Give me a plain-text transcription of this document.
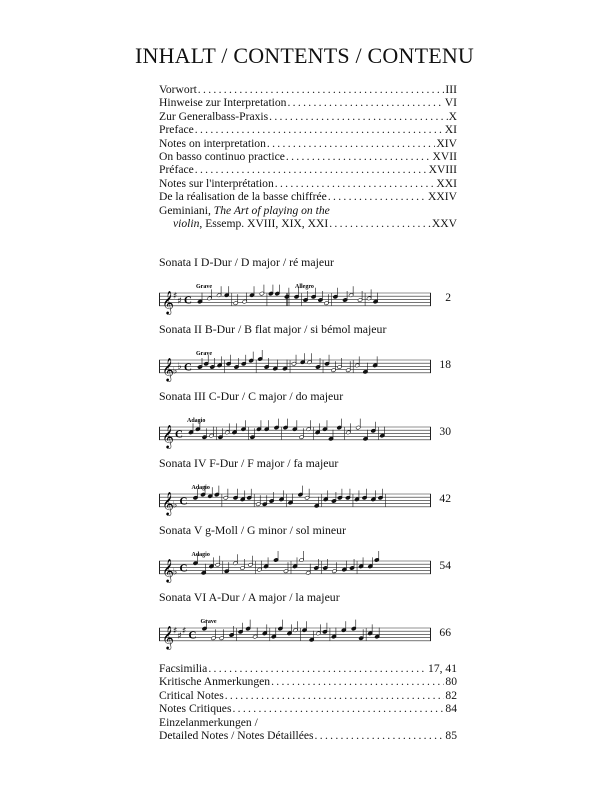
INHALT / CONTENTS / CONTENU
Vorwort . . .	III
Hinweise zur Interpretation . . .	VI
Zur Generalbass-Praxis . . .	X
Preface . . .	XI
Notes on interpretation . . .	XIV
On basso continuo practice . . .	XVII
Préface . . .	XVIII
Notes sur l'interprétation . . .	XXI
De la réalisation de la basse chiffrée . . .	XXIV
Geminiani, The Art of playing on the
violin, Essemp. XVIII, XIX, XXI . . .	XXV
Sonata I D-Dur / D major / ré majeur
𝄞 ♯ ♯ C
Grave	Allegro
2
Sonata II B-Dur / B flat major / si bémol majeur
𝄞 ♭ ♭ C
Grave
18
Sonata III C-Dur / C major / do majeur
𝄞 C
Adagio
30
Sonata IV F-Dur / F major / fa majeur
𝄞 ♭ C
Adagio
42
Sonata V g-Moll / G minor / sol mineur
𝄞 ♭ C
Adagio
54
Sonata VI A-Dur / A major / la majeur
𝄞 ♯ ♯ ♯ C
Grave
66
Facsimilia . . .	17, 41
Kritische Anmerkungen . . .	80
Critical Notes . . .	82
Notes Critiques . . .	84
Einzelanmerkungen /
Detailed Notes / Notes Détaillées . . .	85
